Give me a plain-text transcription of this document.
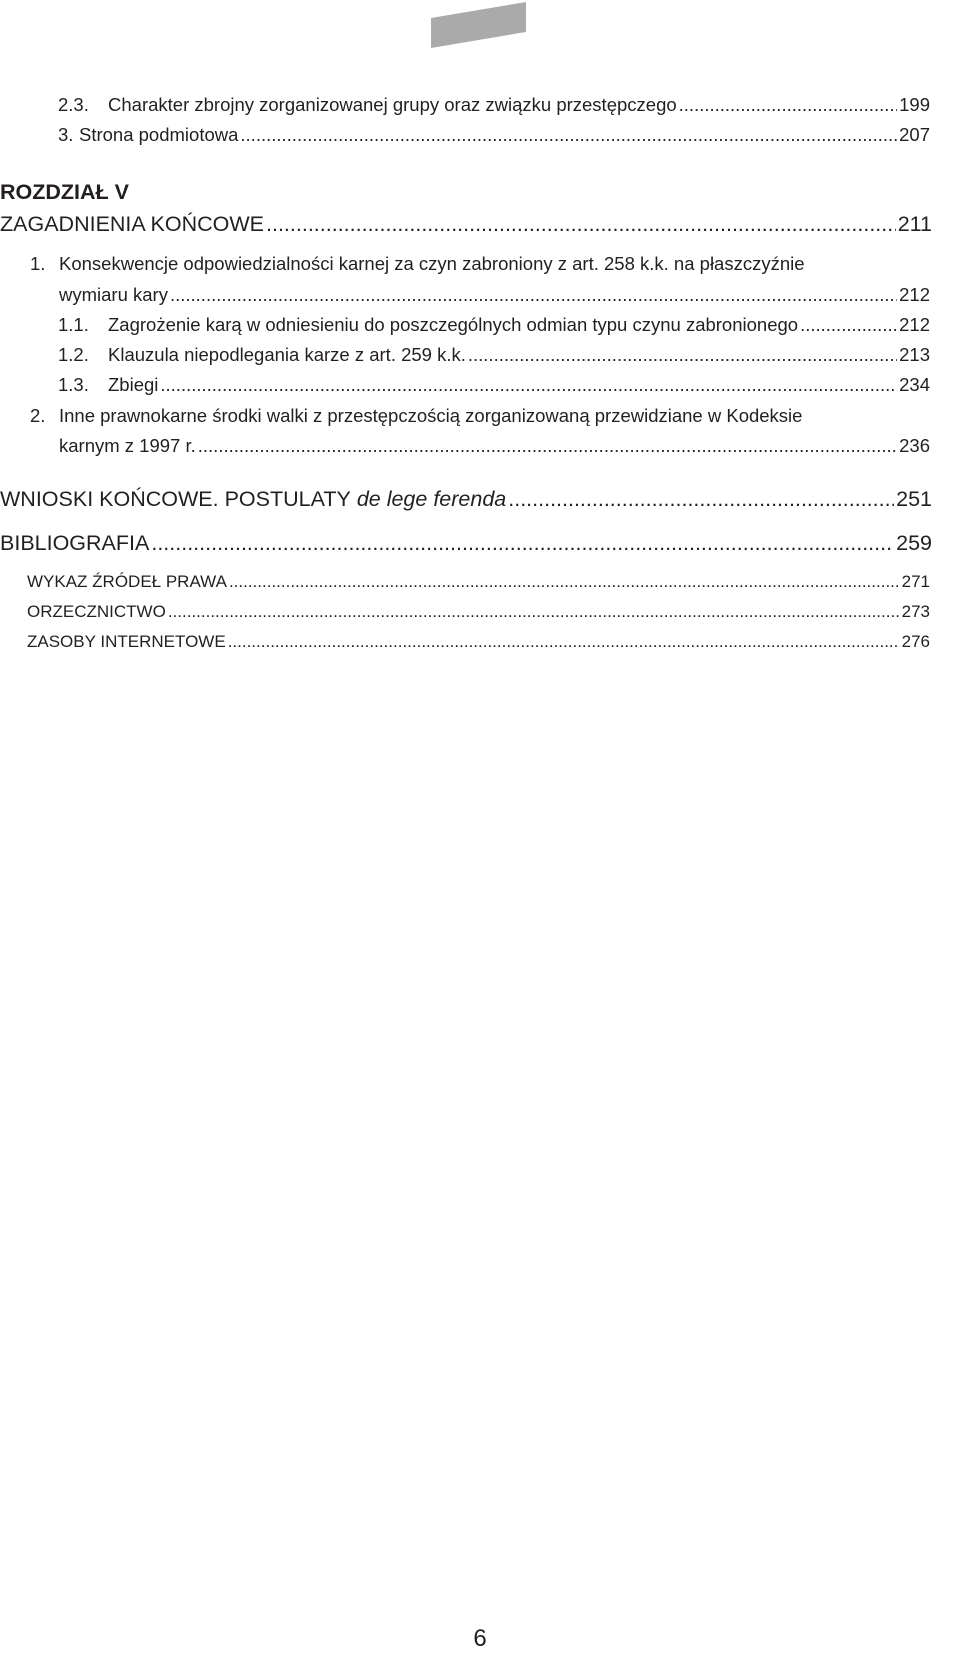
2.3.	Charakter zbrojny zorganizowanej grupy oraz związku przestępczego .....	199
3. Strona podmiotowa .....	207
ROZDZIAŁ V
ZAGADNIENIA KOŃCOWE .....	211
1. Konsekwencje odpowiedzialności karnej za czyn zabroniony z art. 258 k.k. na płaszczyźnie
wymiaru kary .....	212
1.1.	Zagrożenie karą w odniesieniu do poszczególnych odmian typu czynu zabronionego .....	212
1.2.	Klauzula niepodlegania karze z art. 259 k.k. .....	213
1.3.	Zbiegi .....	234
2. Inne prawnokarne środki walki z przestępczością zorganizowaną przewidziane w Kodeksie
karnym z 1997 r. .....	236
WNIOSKI KOŃCOWE. POSTULATY de lege ferenda .....	251
BIBLIOGRAFIA .....	259
WYKAZ ŹRÓDEŁ PRAWA .....	271
ORZECZNICTWO .....	273
ZASOBY INTERNETOWE .....	276
6
